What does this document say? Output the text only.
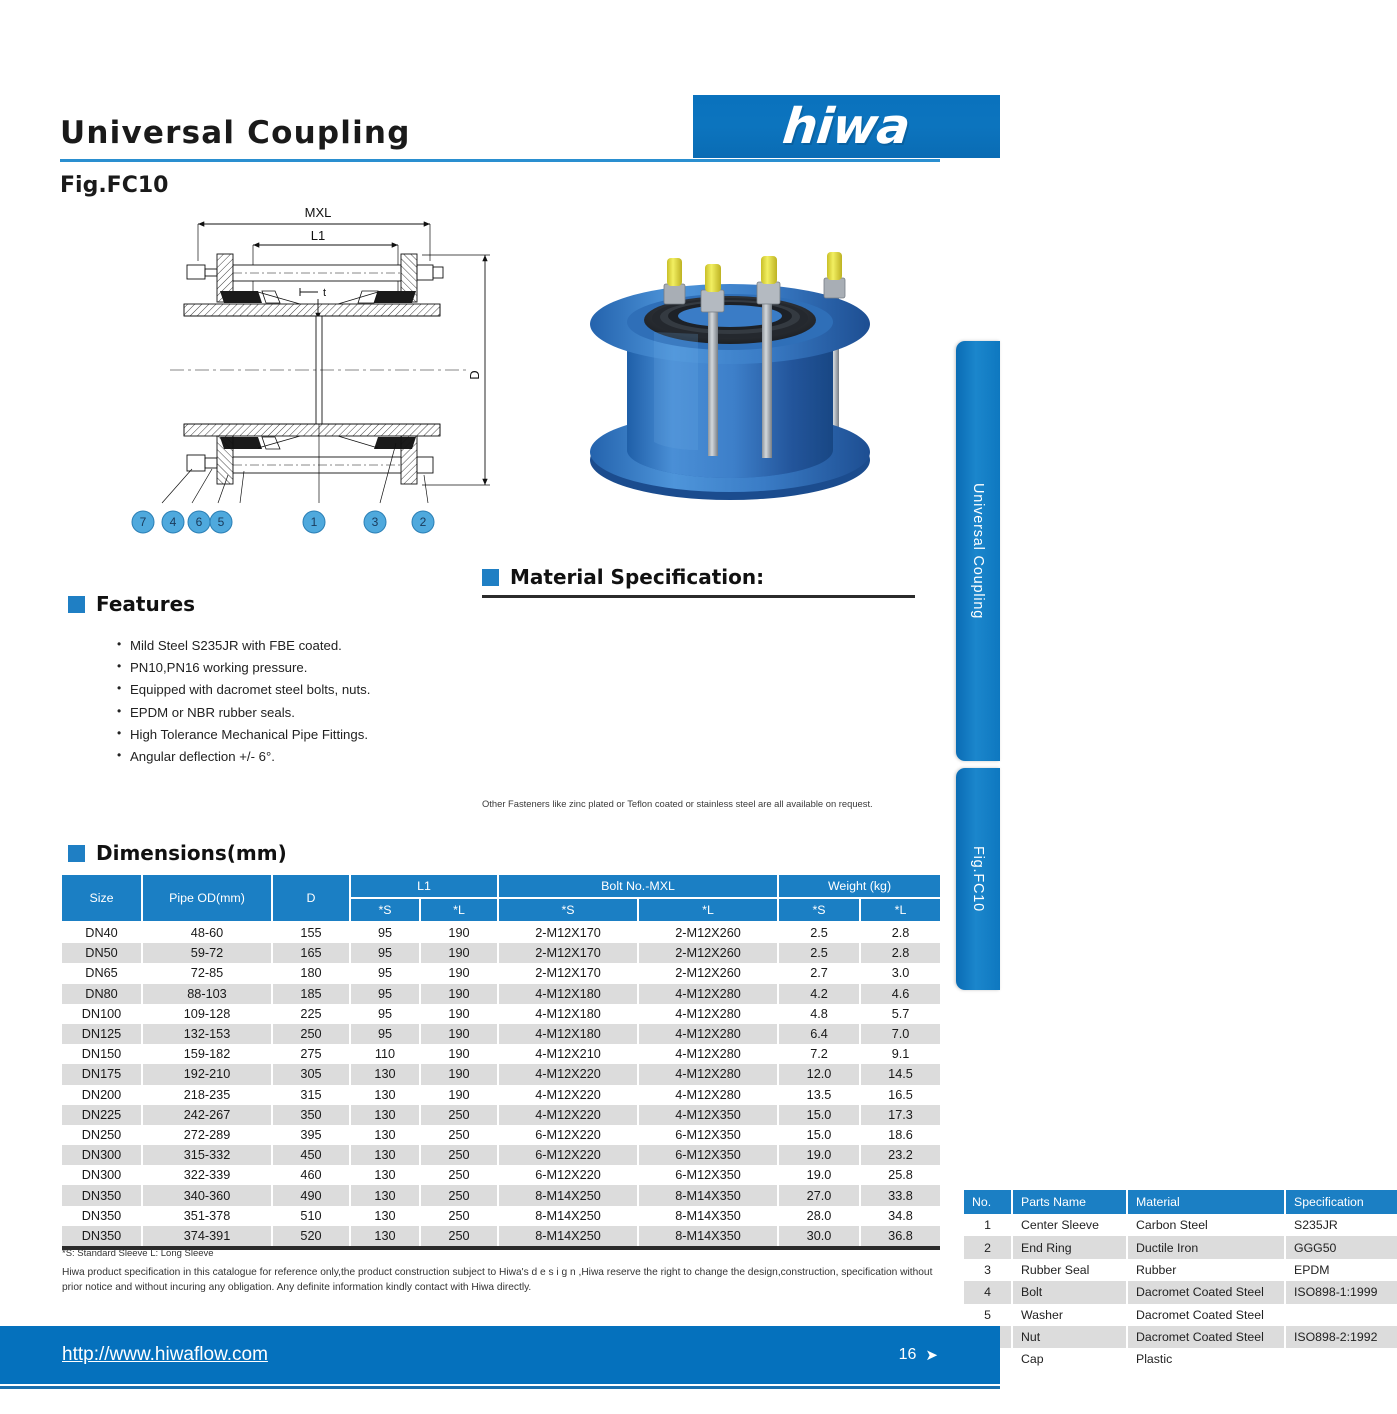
hiwa
Universal Coupling
Fig.FC10
Universal Coupling
Fig.FC10
MXL
L1
D
t
7 4 6 5	1	3	2
Features
• Mild Steel S235JR with FBE coated.
• PN10,PN16 working pressure.
• Equipped with dacromet steel bolts, nuts.
• EPDM or NBR rubber seals.
• High Tolerance Mechanical Pipe Fittings.
• Angular deflection +/- 6°.
Material Specification:
No.	Parts Name	Material	Specification
1	Center Sleeve	Carbon Steel	S235JR
2	End Ring	Ductile Iron	GGG50
3	Rubber Seal	Rubber	EPDM
4	Bolt	Dacromet Coated Steel	ISO898-1:1999
5	Washer	Dacromet Coated Steel	
	Nut	Dacromet Coated Steel	ISO898-2:1992
	Cap	Plastic	
Other Fasteners like zinc plated or Teflon coated or stainless steel are all available on request.
Dimensions(mm)
Size	Pipe OD(mm)	D	L1		Bolt No.-MXL		Weight (kg)	
			*S	*L	*S	*L	*S	*L
DN40	48-60	155	95	190	2-M12X170	2-M12X260	2.5	2.8
DN50	59-72	165	95	190	2-M12X170	2-M12X260	2.5	2.8
DN65	72-85	180	95	190	2-M12X170	2-M12X260	2.7	3.0
DN80	88-103	185	95	190	4-M12X180	4-M12X280	4.2	4.6
DN100	109-128	225	95	190	4-M12X180	4-M12X280	4.8	5.7
DN125	132-153	250	95	190	4-M12X180	4-M12X280	6.4	7.0
DN150	159-182	275	110	190	4-M12X210	4-M12X280	7.2	9.1
DN175	192-210	305	130	190	4-M12X220	4-M12X280	12.0	14.5
DN200	218-235	315	130	190	4-M12X220	4-M12X280	13.5	16.5
DN225	242-267	350	130	250	4-M12X220	4-M12X350	15.0	17.3
DN250	272-289	395	130	250	6-M12X220	6-M12X350	15.0	18.6
DN300	315-332	450	130	250	6-M12X220	6-M12X350	19.0	23.2
DN300	322-339	460	130	250	6-M12X220	6-M12X350	19.0	25.8
DN350	340-360	490	130	250	8-M14X250	8-M14X350	27.0	33.8
DN350	351-378	510	130	250	8-M14X250	8-M14X350	28.0	34.8
DN350	374-391	520	130	250	8-M14X250	8-M14X350	30.0	36.8
*S: Standard Sleeve L: Long Sleeve
Hiwa product specification in this catalogue for reference only,the product construction subject to Hiwa's d e s i g n ,Hiwa reserve the right to change the design,construction, specification without prior notice and without incuring any obligation. Any definite information kindly contact with Hiwa directly.
http://www.hiwaflow.com	16 ➤
